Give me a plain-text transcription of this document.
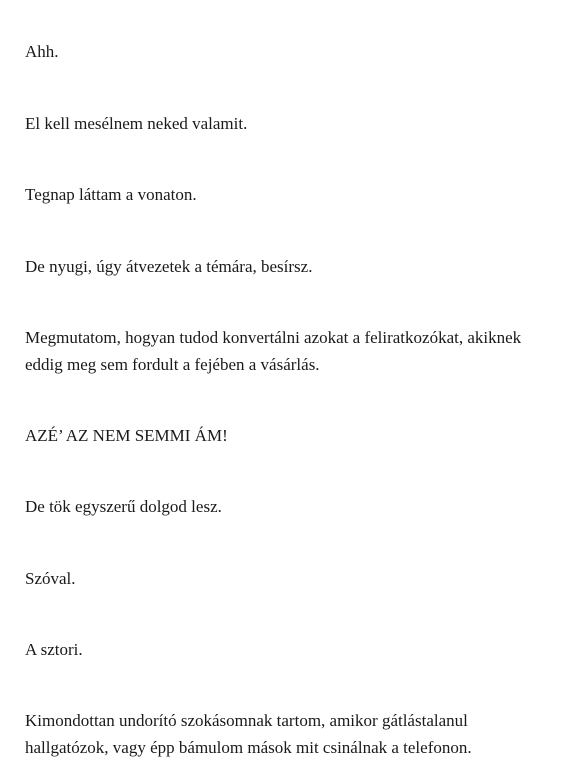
Ahh.

El kell mesélnem neked valamit.

Tegnap láttam a vonaton.

De nyugi, úgy átvezetek a témára, besírsz.

Megmutatom, hogyan tudod konvertálni azokat a feliratkozókat, akiknek
eddig meg sem fordult a fejében a vásárlás.

AZÉ’ AZ NEM SEMMI ÁM!

De tök egyszerű dolgod lesz.

Szóval.

A sztori.

Kimondottan undorító szokásomnak tartom, amikor gátlástalanul
hallgatózok, vagy épp bámulom mások mit csinálnak a telefonon.
